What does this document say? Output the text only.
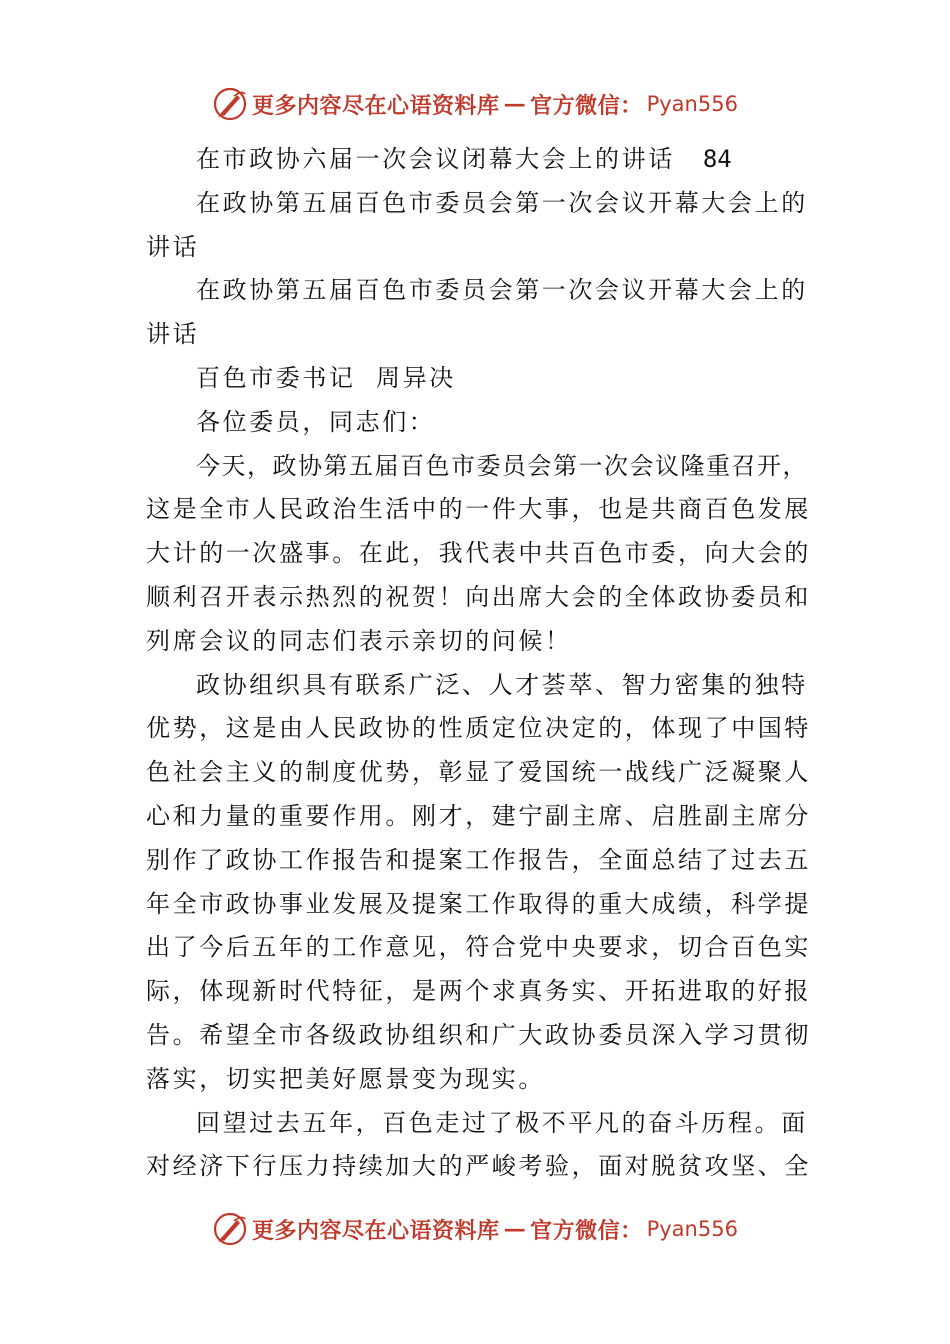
更多内容尽在心语资料库 — 官方微信： Pyan556
在市政协六届一次会议闭幕大会上的讲话 84
在政协第五届百色市委员会第一次会议开幕大会上的
讲话
在政协第五届百色市委员会第一次会议开幕大会上的
讲话
百色市委书记  周异决
各位委员，同志们：
今天，政协第五届百色市委员会第一次会议隆重召开，
这是全市人民政治生活中的一件大事，也是共商百色发展
大计的一次盛事。在此，我代表中共百色市委，向大会的
顺利召开表示热烈的祝贺！向出席大会的全体政协委员和
列席会议的同志们表示亲切的问候！
政协组织具有联系广泛、人才荟萃、智力密集的独特
优势，这是由人民政协的性质定位决定的，体现了中国特
色社会主义的制度优势，彰显了爱国统一战线广泛凝聚人
心和力量的重要作用。刚才，建宁副主席、启胜副主席分
别作了政协工作报告和提案工作报告，全面总结了过去五
年全市政协事业发展及提案工作取得的重大成绩，科学提
出了今后五年的工作意见，符合党中央要求，切合百色实
际，体现新时代特征，是两个求真务实、开拓进取的好报
告。希望全市各级政协组织和广大政协委员深入学习贯彻
落实，切实把美好愿景变为现实。
回望过去五年，百色走过了极不平凡的奋斗历程。面
对经济下行压力持续加大的严峻考验，面对脱贫攻坚、全
更多内容尽在心语资料库 — 官方微信： Pyan556
